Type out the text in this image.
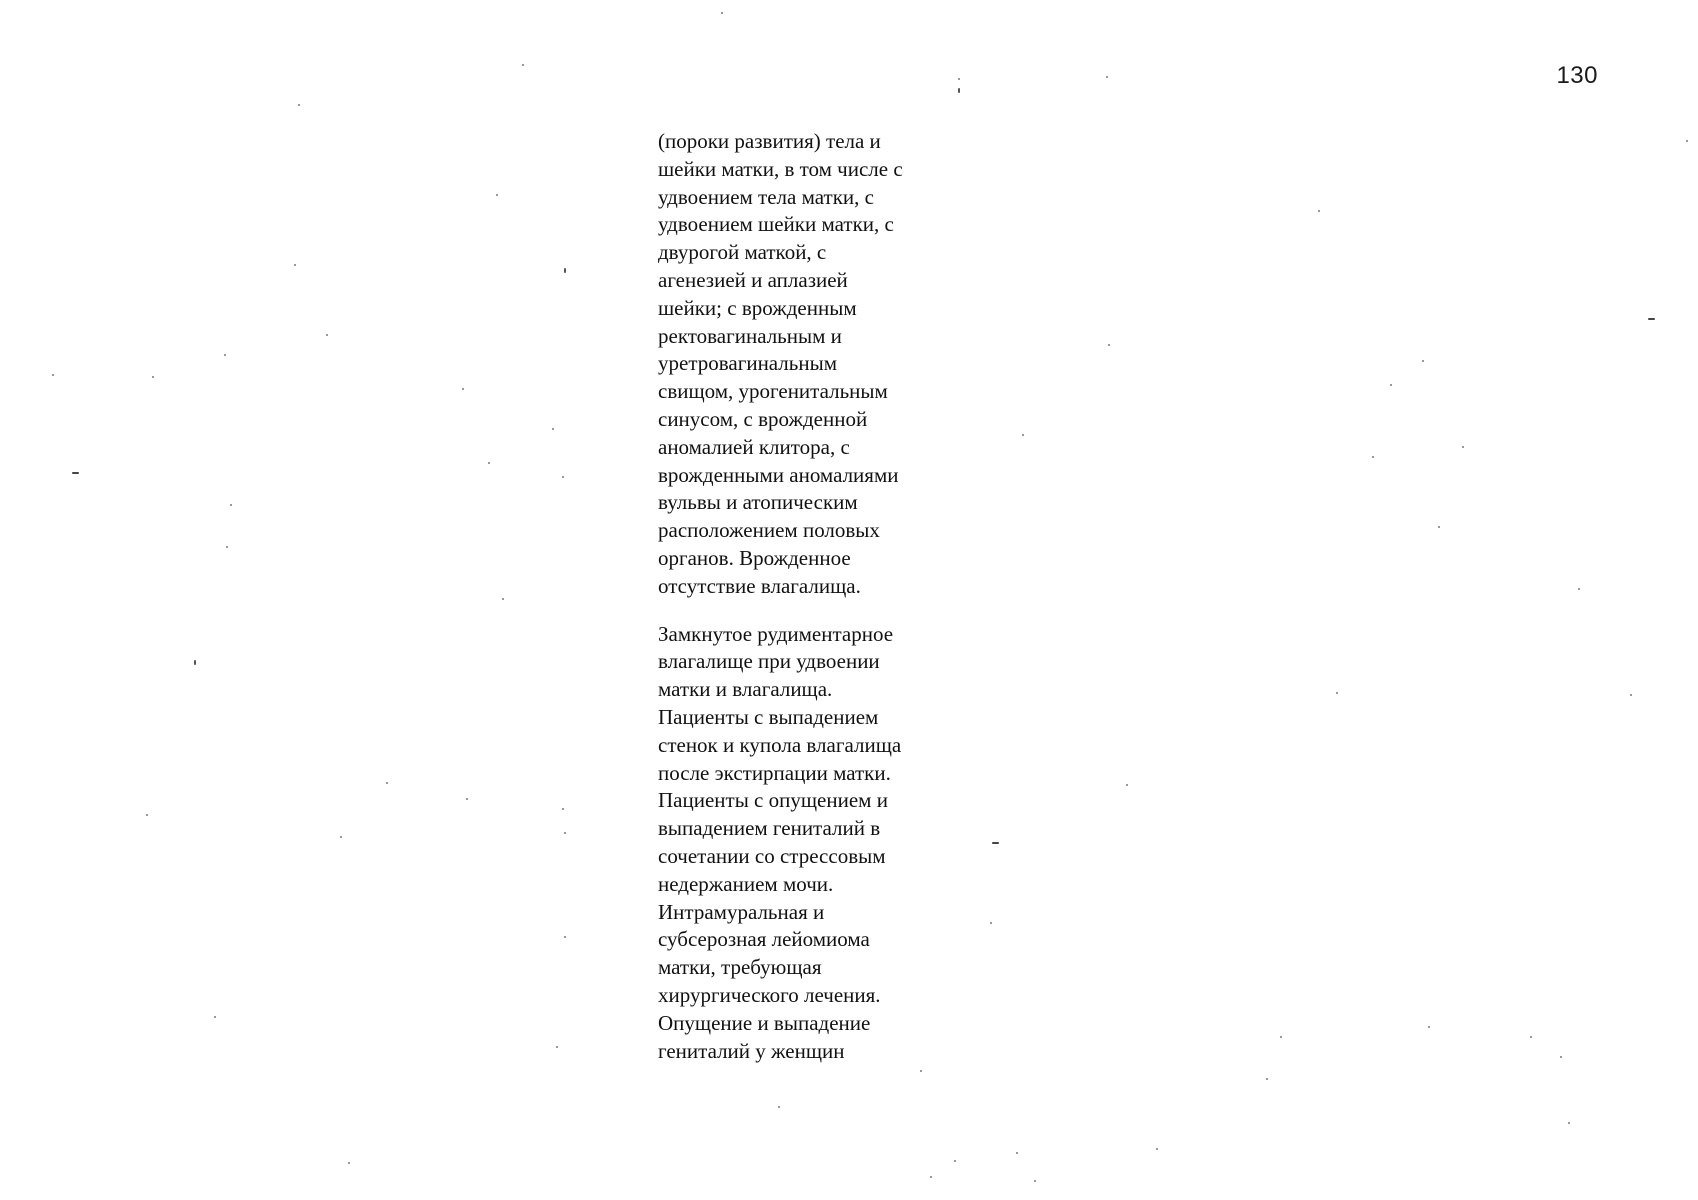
130

(пороки развития) тела и
шейки матки, в том числе с
удвоением тела матки, с
удвоением шейки матки, с
двурогой маткой, с
агенезией и аплазией
шейки; с врожденным
ректовагинальным и
уретровагинальным
свищом, урогенитальным
синусом, с врожденной
аномалией клитора, с
врожденными аномалиями
вульвы и атопическим
расположением половых
органов. Врожденное
отсутствие влагалища.

Замкнутое рудиментарное
влагалище при удвоении
матки и влагалища.
Пациенты с выпадением
стенок и купола влагалища
после экстирпации матки.
Пациенты с опущением и
выпадением гениталий в
сочетании со стрессовым
недержанием мочи.
Интрамуральная и
субсерозная лейомиома
матки, требующая
хирургического лечения.
Опущение и выпадение
гениталий у женщин
